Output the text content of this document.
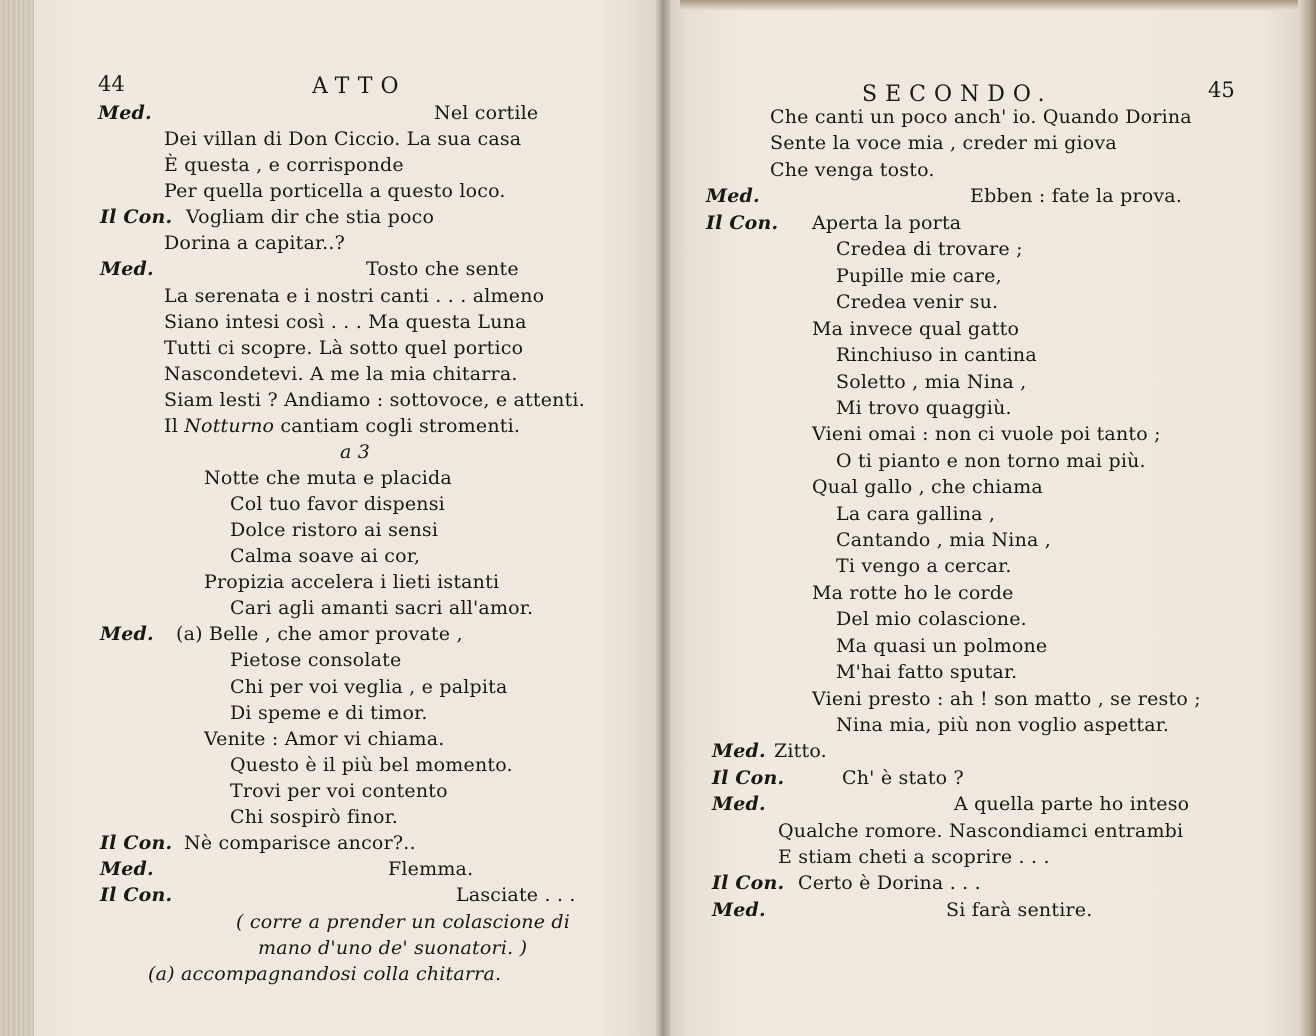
44	ATTO	SECONDO.	45
Med.	Nel cortile
Dei villan di Don Ciccio. La sua casa
È questa , e corrisponde
Per quella porticella a questo loco.
Il Con. Vogliam dir che stia poco
Dorina a capitar..?
Med.	Tosto che sente
La serenata e i nostri canti . . . almeno
Siano intesi così . . . Ma questa Luna
Tutti ci scopre. Là sotto quel portico
Nascondetevi. A me la mia chitarra.
Siam lesti ? Andiamo : sottovoce, e attenti.
Il Notturno cantiam cogli stromenti.
a 3
Notte che muta e placida
Col tuo favor dispensi
Dolce ristoro ai sensi
Calma soave ai cor,
Propizia accelera i lieti istanti
Cari agli amanti sacri all'amor.
Med. (a) Belle , che amor provate ,
Pietose consolate
Chi per voi veglia , e palpita
Di speme e di timor.
Venite : Amor vi chiama.
Questo è il più bel momento.
Trovi per voi contento
Chi sospirò finor.
Il Con. Nè comparisce ancor?..
Med.	Flemma.
Il Con.	Lasciate . . .
( corre a prender un colascione di
mano d'uno de' suonatori. )
(a) accompagnandosi colla chitarra.
Che canti un poco anch' io. Quando Dorina
Sente la voce mia , creder mi giova
Che venga tosto.
Med.	Ebben : fate la prova.
Il Con. Aperta la porta
Credea di trovare ;
Pupille mie care,
Credea venir su.
Ma invece qual gatto
Rinchiuso in cantina
Soletto , mia Nina ,
Mi trovo quaggiù.
Vieni omai : non ci vuole poi tanto ;
O ti pianto e non torno mai più.
Qual gallo , che chiama
La cara gallina ,
Cantando , mia Nina ,
Ti vengo a cercar.
Ma rotte ho le corde
Del mio colascione.
Ma quasi un polmone
M'hai fatto sputar.
Vieni presto : ah ! son matto , se resto ;
Nina mia, più non voglio aspettar.
Med. Zitto.
Il Con.	Ch' è stato ?
Med.	A quella parte ho inteso
Qualche romore. Nascondiamci entrambi
E stiam cheti a scoprire . . .
Il Con. Certo è Dorina . . .
Med.	Si farà sentire.
